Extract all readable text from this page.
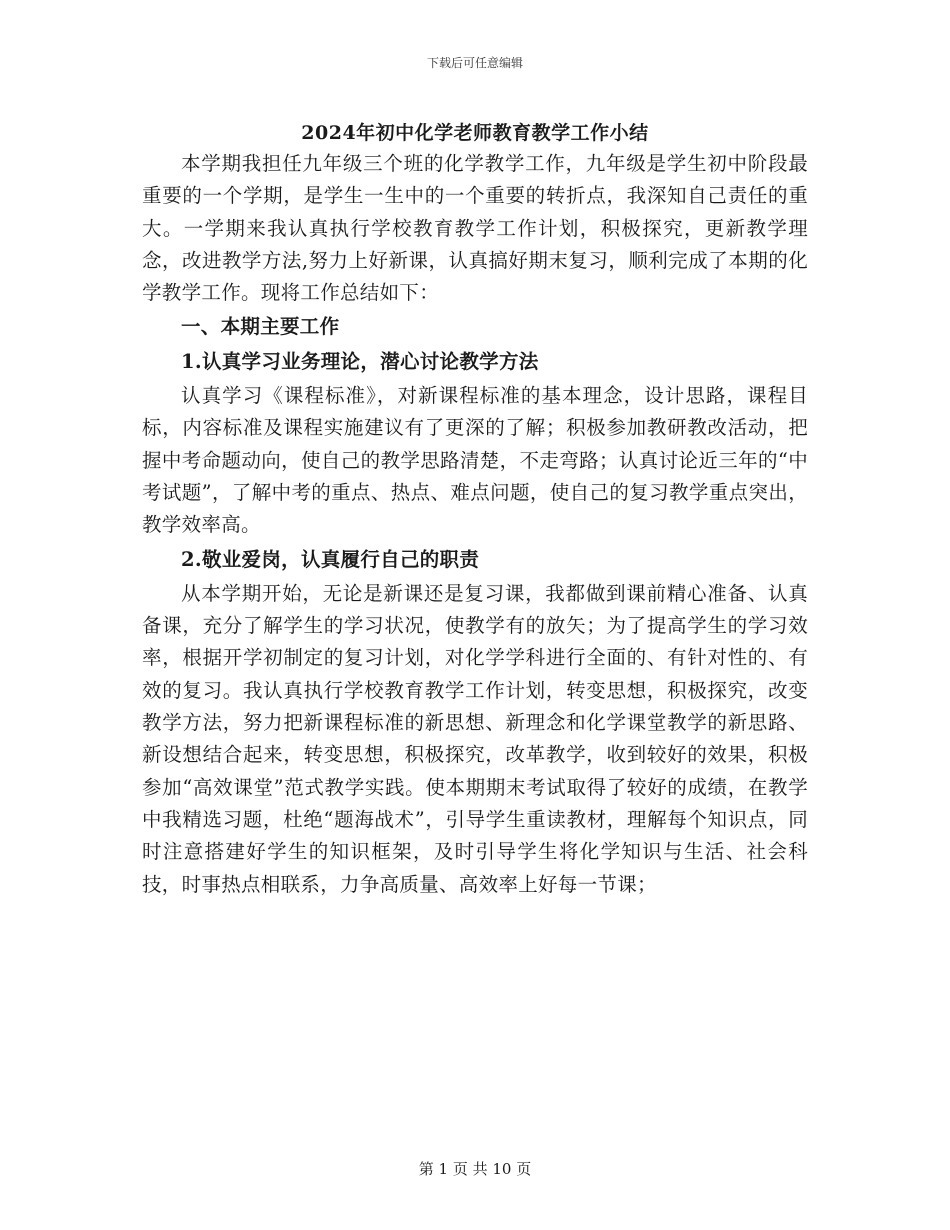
下载后可任意编辑
2024年初中化学老师教育教学工作小结

本学期我担任九年级三个班的化学教学工作，九年级是学生初中阶段最重要的一个学期，是学生一生中的一个重要的转折点，我深知自己责任的重大。一学期来我认真执行学校教育教学工作计划，积极探究，更新教学理念，改进教学方法,努力上好新课，认真搞好期末复习，顺利完成了本期的化学教学工作。现将工作总结如下：

一、本期主要工作

1.认真学习业务理论，潜心讨论教学方法

认真学习《课程标准》，对新课程标准的基本理念，设计思路，课程目标，内容标准及课程实施建议有了更深的了解；积极参加教研教改活动，把握中考命题动向，使自己的教学思路清楚，不走弯路；认真讨论近三年的“中考试题”，了解中考的重点、热点、难点问题，使自己的复习教学重点突出，教学效率高。

2.敬业爱岗，认真履行自己的职责

从本学期开始，无论是新课还是复习课，我都做到课前精心准备、认真备课，充分了解学生的学习状况，使教学有的放矢；为了提高学生的学习效率，根据开学初制定的复习计划，对化学学科进行全面的、有针对性的、有效的复习。我认真执行学校教育教学工作计划，转变思想，积极探究，改变教学方法，努力把新课程标准的新思想、新理念和化学课堂教学的新思路、新设想结合起来，转变思想，积极探究，改革教学，收到较好的效果，积极参加“高效课堂”范式教学实践。使本期期末考试取得了较好的成绩，在教学中我精选习题，杜绝“题海战术”，引导学生重读教材，理解每个知识点，同时注意搭建好学生的知识框架，及时引导学生将化学知识与生活、社会科技，时事热点相联系，力争高质量、高效率上好每一节课；

第 1 页 共 10 页
